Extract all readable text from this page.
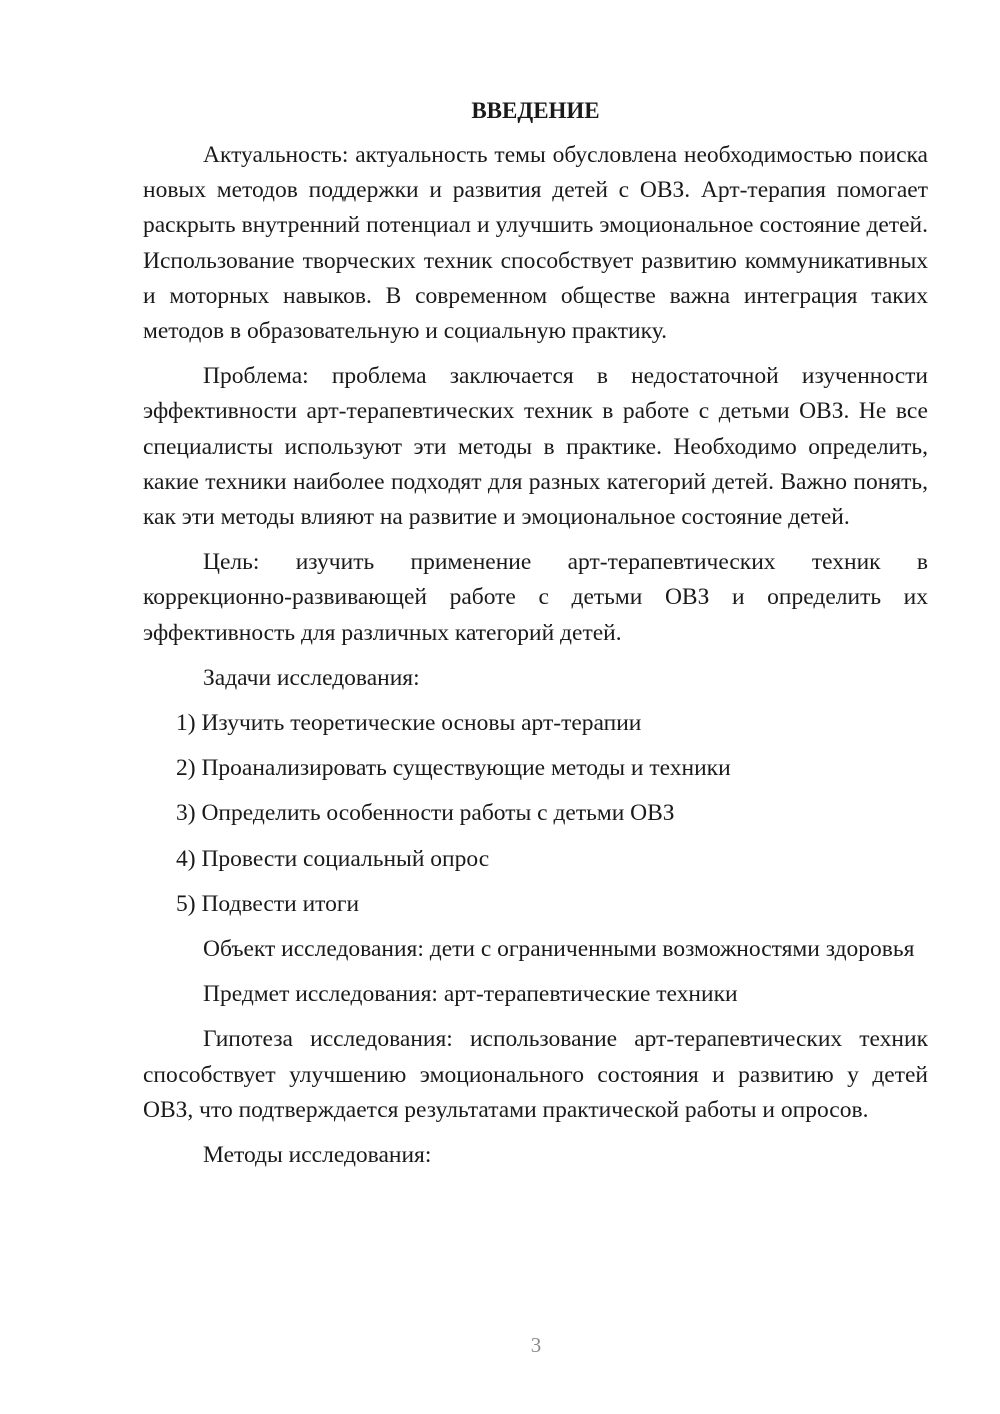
ВВЕДЕНИЕ

Актуальность: актуальность темы обусловлена необходимостью поиска новых методов поддержки и развития детей с ОВЗ. Арт-терапия помогает раскрыть внутренний потенциал и улучшить эмоциональное состояние детей. Использование творческих техник способствует развитию коммуникативных и моторных навыков. В современном обществе важна интеграция таких методов в образовательную и социальную практику.

Проблема: проблема заключается в недостаточной изученности эффективности арт-терапевтических техник в работе с детьми ОВЗ. Не все специалисты используют эти методы в практике. Необходимо определить, какие техники наиболее подходят для разных категорий детей. Важно понять, как эти методы влияют на развитие и эмоциональное состояние детей.

Цель: изучить применение арт-терапевтических техник в коррекционно-развивающей работе с детьми ОВЗ и определить их эффективность для различных категорий детей.

Задачи исследования:
1) Изучить теоретические основы арт-терапии
2) Проанализировать существующие методы и техники
3) Определить особенности работы с детьми ОВЗ
4) Провести социальный опрос
5) Подвести итоги

Объект исследования: дети с ограниченными возможностями здоровья

Предмет исследования: арт-терапевтические техники

Гипотеза исследования: использование арт-терапевтических техник способствует улучшению эмоционального состояния и развитию у детей ОВЗ, что подтверждается результатами практической работы и опросов.

Методы исследования:
3
